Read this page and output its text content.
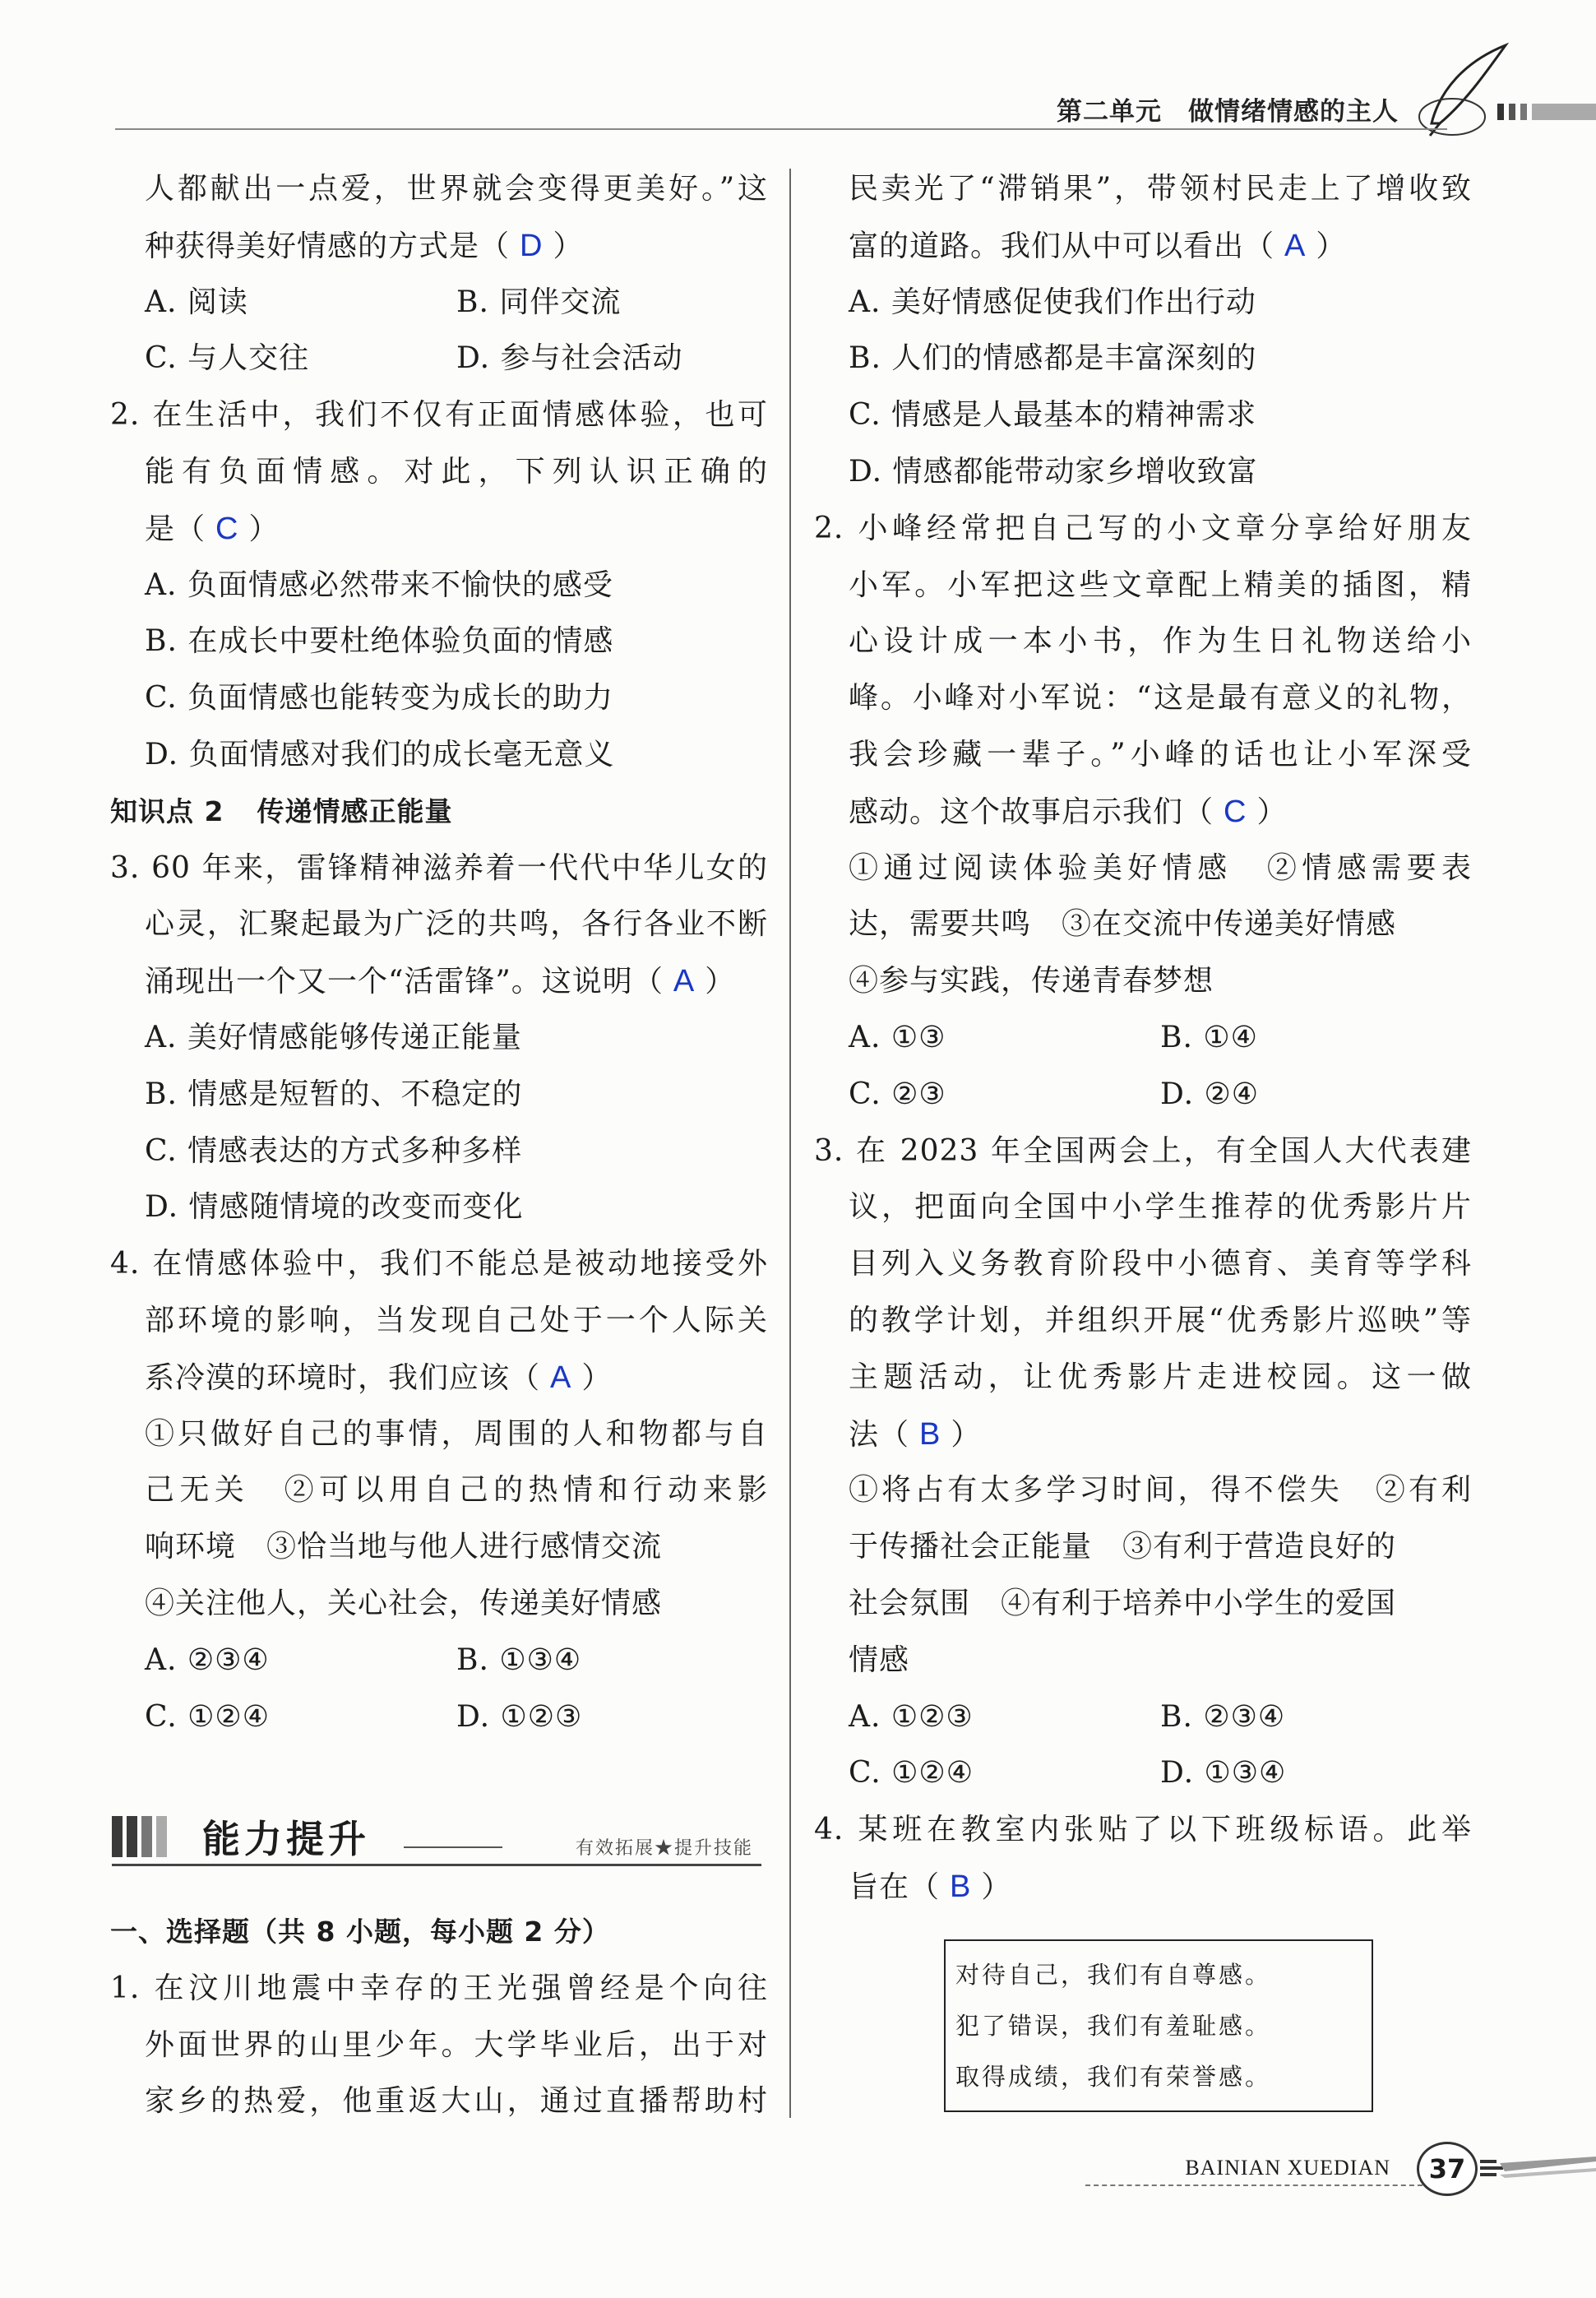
第二单元　做情绪情感的主人
人都献出一点爱，世界就会变得更美好。”这
种获得美好情感的方式是（ D ）
A. 阅读	B. 同伴交流
C. 与人交往	D. 参与社会活动
2. 在生活中，我们不仅有正面情感体验，也可
能有负面情感。对此，下列认识正确的
是（ C ）
A. 负面情感必然带来不愉快的感受
B. 在成长中要杜绝体验负面的情感
C. 负面情感也能转变为成长的助力
D. 负面情感对我们的成长毫无意义
知识点 2 传递情感正能量
3. 60 年来，雷锋精神滋养着一代代中华儿女的
心灵，汇聚起最为广泛的共鸣，各行各业不断
涌现出一个又一个“活雷锋”。这说明（ A ）
A. 美好情感能够传递正能量
B. 情感是短暂的、不稳定的
C. 情感表达的方式多种多样
D. 情感随情境的改变而变化
4. 在情感体验中，我们不能总是被动地接受外
部环境的影响，当发现自己处于一个人际关
系冷漠的环境时，我们应该（ A ）
①只做好自己的事情，周围的人和物都与自
己无关　②可以用自己的热情和行动来影
响环境　③恰当地与他人进行感情交流
④关注他人，关心社会，传递美好情感
A. ②③④	B. ①③④
C. ①②④	D. ①②③
能力提升	有效拓展★提升技能
一、选择题（共 8 小题，每小题 2 分）
1. 在汶川地震中幸存的王光强曾经是个向往
外面世界的山里少年。大学毕业后，出于对
家乡的热爱，他重返大山，通过直播帮助村
民卖光了“滞销果”，带领村民走上了增收致
富的道路。我们从中可以看出（ A ）
A. 美好情感促使我们作出行动
B. 人们的情感都是丰富深刻的
C. 情感是人最基本的精神需求
D. 情感都能带动家乡增收致富
2. 小峰经常把自己写的小文章分享给好朋友
小军。小军把这些文章配上精美的插图，精
心设计成一本小书，作为生日礼物送给小
峰。小峰对小军说：“这是最有意义的礼物，
我会珍藏一辈子。”小峰的话也让小军深受
感动。这个故事启示我们（ C ）
①通过阅读体验美好情感　②情感需要表
达，需要共鸣　③在交流中传递美好情感
④参与实践，传递青春梦想
A. ①③	B. ①④
C. ②③	D. ②④
3. 在 2023 年全国两会上，有全国人大代表建
议，把面向全国中小学生推荐的优秀影片片
目列入义务教育阶段中小德育、美育等学科
的教学计划，并组织开展“优秀影片巡映”等
主题活动，让优秀影片走进校园。这一做
法（ B ）
①将占有太多学习时间，得不偿失　②有利
于传播社会正能量　③有利于营造良好的
社会氛围　④有利于培养中小学生的爱国
情感
A. ①②③	B. ②③④
C. ①②④	D. ①③④
4. 某班在教室内张贴了以下班级标语。此举
旨在（ B ）
对待自己，我们有自尊感。
犯了错误，我们有羞耻感。
取得成绩，我们有荣誉感。
BAINIAN XUEDIAN	37
